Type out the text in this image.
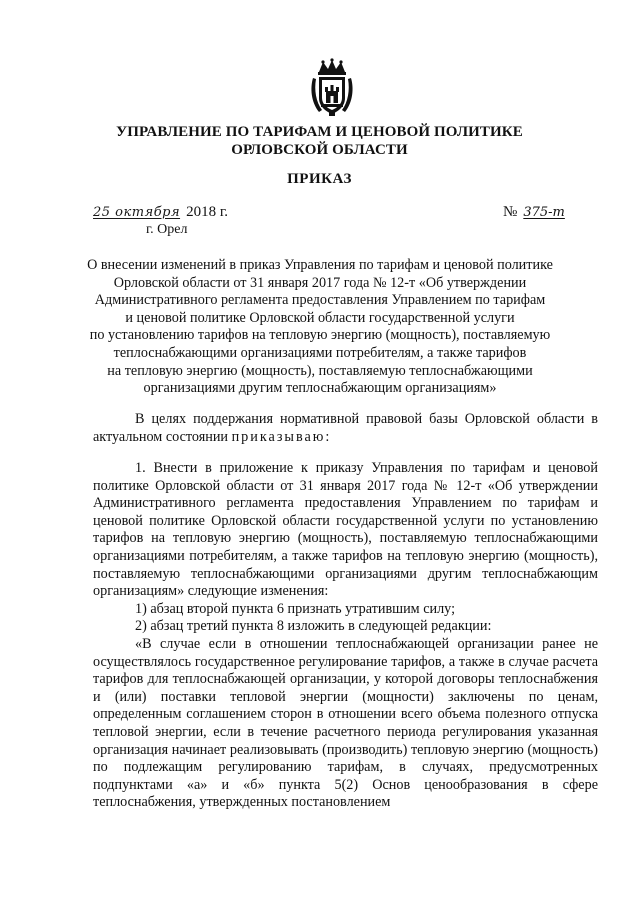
УПРАВЛЕНИЕ ПО ТАРИФАМ И ЦЕНОВОЙ ПОЛИТИКЕ
ОРЛОВСКОЙ ОБЛАСТИ
ПРИКАЗ
25 октября 2018 г.	№ 375-т
г. Орел
О внесении изменений в приказ Управления по тарифам и ценовой политике
Орловской области от 31 января 2017 года № 12-т «Об утверждении
Административного регламента предоставления Управлением по тарифам
и ценовой политике Орловской области государственной услуги
по установлению тарифов на тепловую энергию (мощность), поставляемую
теплоснабжающими организациями потребителям, а также тарифов
на тепловую энергию (мощность), поставляемую теплоснабжающими
организациями другим теплоснабжающим организациям»

В целях поддержания нормативной правовой базы Орловской области в актуальном состоянии приказываю:

1. Внести в приложение к приказу Управления по тарифам и ценовой политике Орловской области от 31 января 2017 года № 12-т «Об утверждении Административного регламента предоставления Управлением по тарифам и ценовой политике Орловской области государственной услуги по установлению тарифов на тепловую энергию (мощность), поставляемую теплоснабжающими организациями потребителям, а также тарифов на тепловую энергию (мощность), поставляемую теплоснабжающими организациями другим теплоснабжающим организациям» следующие изменения:

1) абзац второй пункта 6 признать утратившим силу;

2) абзац третий пункта 8 изложить в следующей редакции:

«В случае если в отношении теплоснабжающей организации ранее не осуществлялось государственное регулирование тарифов, а также в случае расчета тарифов для теплоснабжающей организации, у которой договоры теплоснабжения и (или) поставки тепловой энергии (мощности) заключены по ценам, определенным соглашением сторон в отношении всего объема полезного отпуска тепловой энергии, если в течение расчетного периода регулирования указанная организация начинает реализовывать (производить) тепловую энергию (мощность) по подлежащим регулированию тарифам, в случаях, предусмотренных подпунктами «а» и «б» пункта 5(2) Основ ценообразования в сфере теплоснабжения, утвержденных постановлением
